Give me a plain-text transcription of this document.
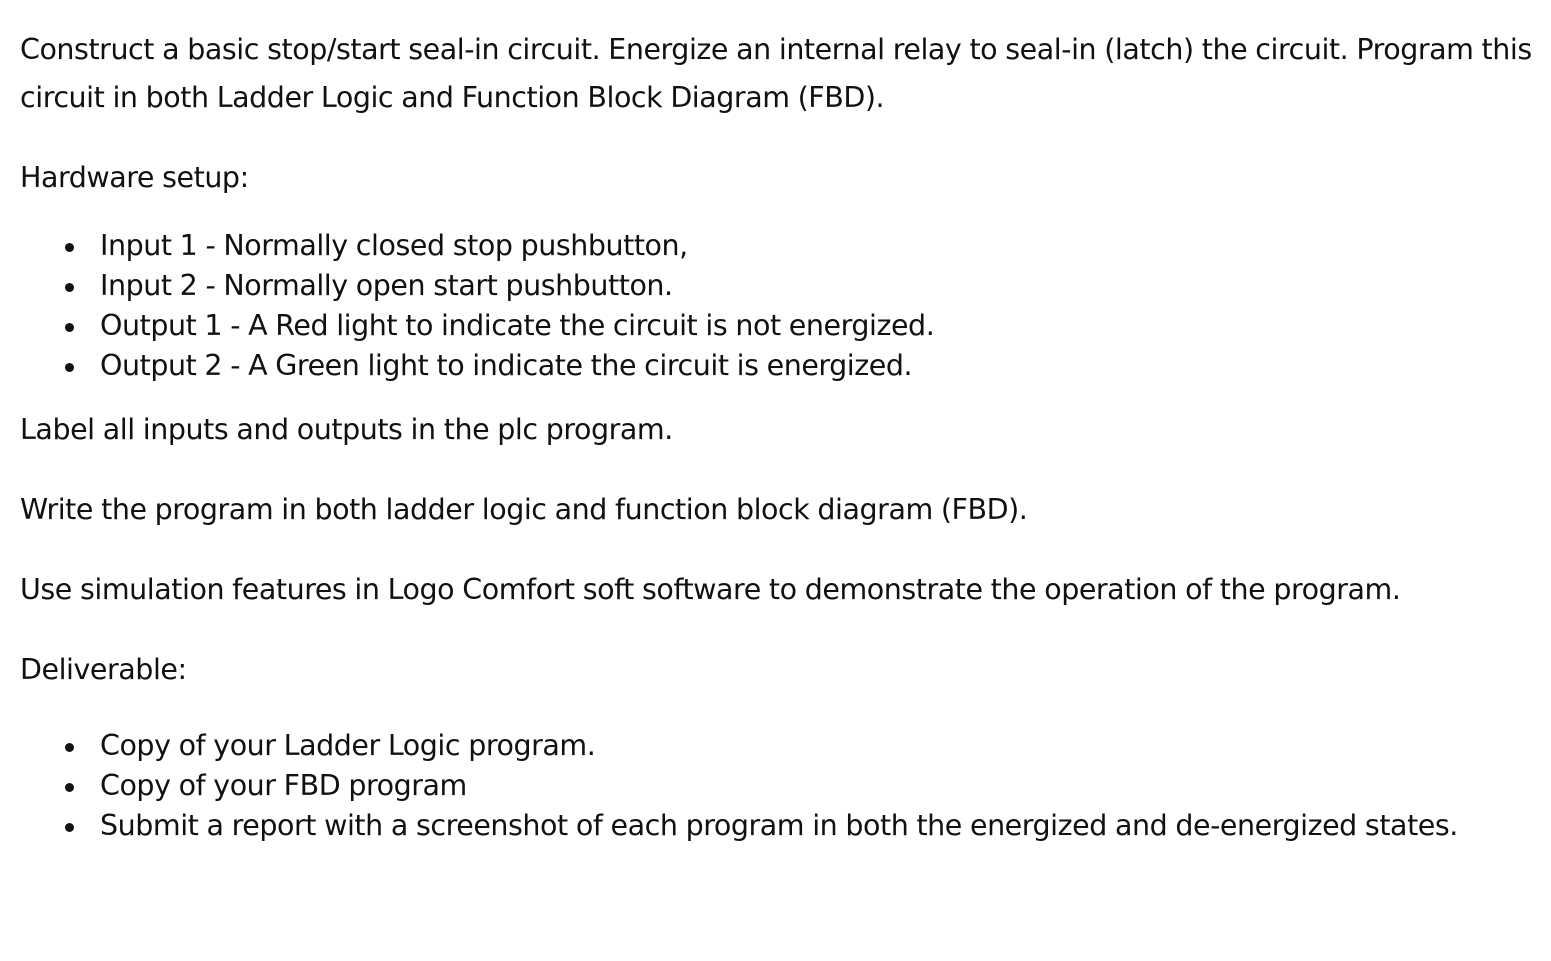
Construct a basic stop/start seal-in circuit. Energize an internal relay to seal-in (latch) the circuit. Program this circuit in both Ladder Logic and Function Block Diagram (FBD).

Hardware setup:

Input 1 - Normally closed stop pushbutton,
Input 2 - Normally open start pushbutton.
Output 1 - A Red light to indicate the circuit is not energized.
Output 2 - A Green light to indicate the circuit is energized.

Label all inputs and outputs in the plc program.

Write the program in both ladder logic and function block diagram (FBD).

Use simulation features in Logo Comfort soft software to demonstrate the operation of the program.

Deliverable:

Copy of your Ladder Logic program.
Copy of your FBD program
Submit a report with a screenshot of each program in both the energized and de-energized states.
